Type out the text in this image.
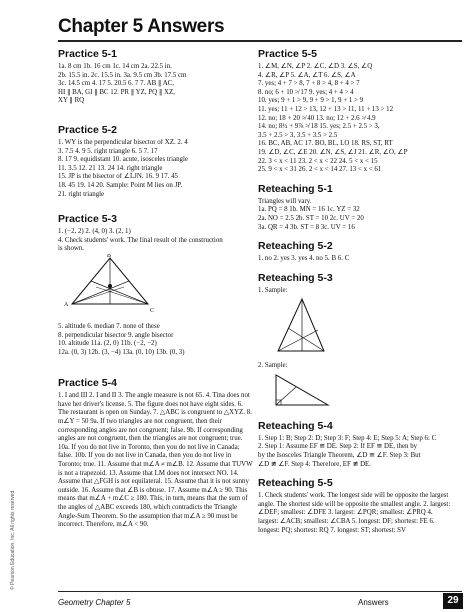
Chapter 5 Answers
© Pearson Education, Inc. All rights reserved.
Practice 5-1
1a. 8 cm 1b. 16 cm 1c. 14 cm 2a. 22.5 in.
2b. 15.5 in. 2c. 15.5 in. 3a. 9.5 cm 3b. 17.5 cm
3c. 14.5 cm 4. 17 5. 20.5 6. 7 7. AB ∥ AC,
HI ∥ BA, GI ∥ BC 12. PR ∥ YZ, PQ ∥ XZ,
XY ∥ RQ
Practice 5-2
1. WY is the perpendicular bisector of XZ. 2. 4
3. 7.5 4. 9 5. right triangle 6. 5 7. 17
8. 17 9. equidistant 10. acute, isosceles triangle
11. 3.5 12. 21 13. 24 14. right triangle
15. JP is the bisector of ∠LJN. 16. 9 17. 45
18. 45 19. 14 20. Sample: Point M lies on JP.
21. right triangle
Practice 5-3
1. (−2, 2) 2. (4, 0) 3. (2, 1)
4. Check students' work. The final result of the construction
is shown.
B
A
C
5. altitude 6. median 7. none of these
8. perpendicular bisector 9. angle bisector
10. altitude 11a. (2, 0) 11b. (−2, −2)
12a. (0, 3) 12b. (3, −4) 13a. (0, 10) 13b. (0, 3)
Practice 5-4
1. I and III 2. I and II 3. The angle measure is not 65. 4. Tina does not have her driver's license. 5. The figure does not have eight sides. 6. The restaurant is open on Sunday. 7. △ABC is congruent to △XYZ. 8. m∠Y = 50 9a. If two triangles are not congruent, then their corresponding angles are not congruent; false. 9b. If corresponding angles are not congruent, then the triangles are not congruent; true. 10a. If you do not live in Toronto, then you do not live in Canada; false. 10b. If you do not live in Canada, then you do not live in Toronto; true. 11. Assume that m∠A ≠ m∠B. 12. Assume that TUVW is not a trapezoid. 13. Assume that LM does not intersect NO. 14. Assume that △FGH is not equilateral. 15. Assume that it is not sunny outside. 16. Assume that ∠B is obtuse. 17. Assume m∠A ≥ 90. This means that m∠A + m∠C ≥ 180. This, in turn, means that the sum of the angles of △ABC exceeds 180, which contradicts the Triangle Angle-Sum Theorem. So the assumption that m∠A ≥ 90 must be incorrect. Therefore, m∠A < 90.
Practice 5-5
1. ∠M, ∠N, ∠P 2. ∠C, ∠D 3. ∠S, ∠Q
4. ∠R, ∠P 5. ∠A, ∠T 6. ∠S, ∠A
7. yes; 4 + 7 > 8, 7 + 8 > 4, 8 + 4 > 7
8. no; 6 + 10 ≯ 17 9. yes; 4 + 4 > 4
10. yes; 9 + 1 > 9, 9 + 9 > 1, 9 + 1 > 9
11. yes; 11 + 12 > 13, 12 + 13 > 11, 11 + 13 > 12
12. no; 18 + 20 ≯ 40 13. no; 12 + 2.6 ≯ 4.9
14. no; 8½ + 9⅞ ≯ 18 15. yes; 2.5 + 2.5 > 3,
3.5 + 2.5 > 3, 3.5 + 3.5 > 2.5
16. BC, AB, AC 17. BO, BL, LO 18. RS, ST, RT
19. ∠D, ∠C, ∠E 20. ∠N, ∠S, ∠J 21. ∠R, ∠O, ∠P
22. 3 < x < 11 23. 2 < x < 22 24. 5 < x < 15
25. 9 < x < 31 26. 2 < x < 14 27. 13 < x < 61
Reteaching 5-1
Triangles will vary.
1a. PQ = 8 1b. MN = 16 1c. YZ = 32
2a. NO = 2.5 2b. ST = 10 2c. UV = 20
3a. QR = 4 3b. ST = 8 3c. UV = 16
Reteaching 5-2
1. no 2. yes 3. yes 4. no 5. B 6. C
Reteaching 5-3
1. Sample:
2. Sample:
Reteaching 5-4
1. Step 1: B; Step 2: D; Step 3: F; Step 4: E; Step 5: A; Step 6: C
2. Step 1: Assume EF ≅ DE. Step 2: If EF ≅ DE, then by
by the Isosceles Triangle Theorem, ∠D ≅ ∠F. Step 3: But
∠D ≇ ∠F. Step 4: Therefore, EF ≇ DE.
Reteaching 5-5
1. Check students' work. The longest side will be opposite the largest angle. The shortest side will be opposite the smallest angle. 2. largest: ∠DEF; smallest: ∠DFE 3. largest: ∠PQR; smallest: ∠PRQ 4. largest: ∠ACB; smallest: ∠CBA 5. longest: DF; shortest: FE 6. longest: PQ; shortest: RQ 7. longest: ST; shortest: SV
Geometry Chapter 5	Answers	29
